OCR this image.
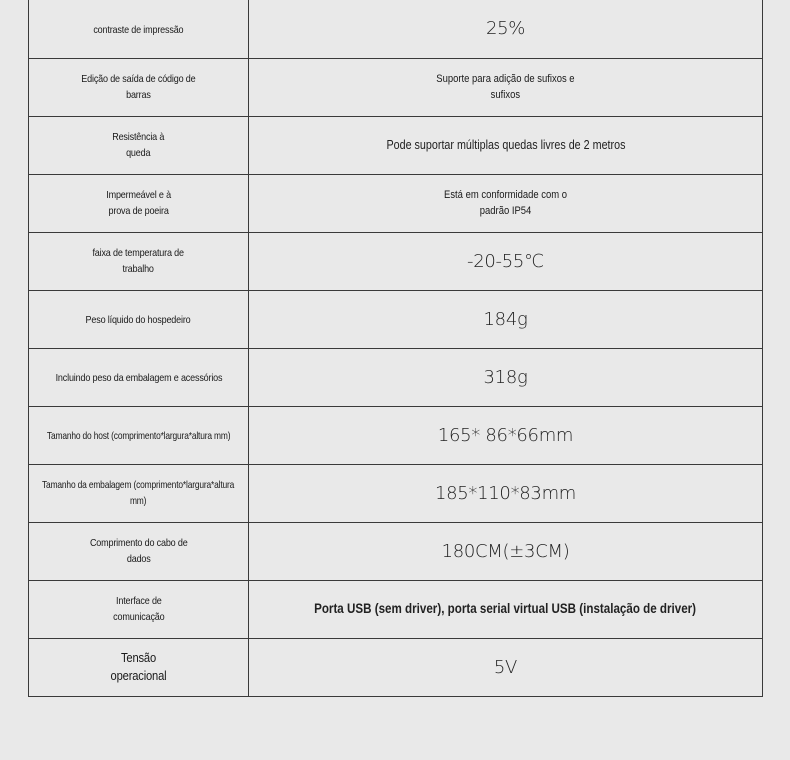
contraste de impressão	25%
Edição de saída de código de
barras	Suporte para adição de sufixos e
sufixos
Resistência à
queda	Pode suportar múltiplas quedas livres de 2 metros
Impermeável e à
prova de poeira	Está em conformidade com o
padrão IP54
faixa de temperatura de
trabalho	-20-55℃
Peso líquido do hospedeiro	184g
Incluindo peso da embalagem e acessórios	318g
Tamanho do host (comprimento*largura*altura mm)	165* 86*66mm
Tamanho da embalagem (comprimento*largura*altura
mm)	185*110*83mm
Comprimento do cabo de
dados	180CM(±3CM)
Interface de
comunicação	Porta USB (sem driver), porta serial virtual USB (instalação de driver)
Tensão
operacional	5V
